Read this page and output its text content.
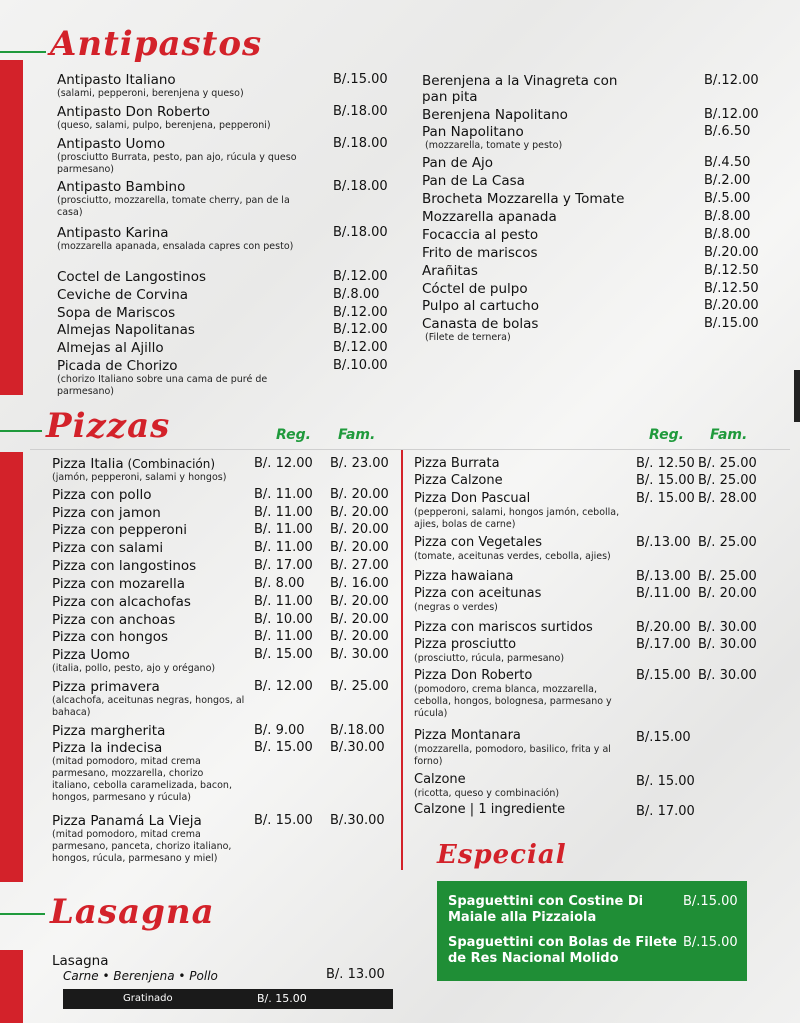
Antipastos
Antipasto Italiano
(salami, pepperoni, berenjena y queso)
B/.15.00
Antipasto Don Roberto
(queso, salami, pulpo, berenjena, pepperoni)
B/.18.00
Antipasto Uomo
(prosciutto Burrata, pesto, pan ajo, rúcula y queso parmesano)
B/.18.00
Antipasto Bambino
(prosciutto, mozzarella, tomate cherry, pan de la casa)
B/.18.00
Antipasto Karina
(mozzarella apanada, ensalada capres con pesto)
B/.18.00
Coctel de Langostinos	B/.12.00
Ceviche de Corvina	B/.8.00
Sopa de Mariscos	B/.12.00
Almejas Napolitanas	B/.12.00
Almejas al Ajillo	B/.12.00
Picada de Chorizo
(chorizo Italiano sobre una cama de puré de parmesano)
B/.10.00
Berenjena a la Vinagreta con pan pita
B/.12.00
Berenjena Napolitano	B/.12.00
Pan Napolitano
(mozzarella, tomate y pesto)
B/.6.50
Pan de Ajo	B/.4.50
Pan de La Casa	B/.2.00
Brocheta Mozzarella y Tomate	B/.5.00
Mozzarella apanada	B/.8.00
Focaccia al pesto	B/.8.00
Frito de mariscos	B/.20.00
Arañitas	B/.12.50
Cóctel de pulpo	B/.12.50
Pulpo al cartucho	B/.20.00
Canasta de bolas
(Filete de ternera)
B/.15.00
Pizzas	Reg. Fam.	Reg. Fam.
Pizza Italia (Combinación)
(jamón, pepperoni, salami y hongos)
B/. 12.00 B/. 23.00
Pizza con pollo	B/. 11.00 B/. 20.00
Pizza con jamon	B/. 11.00 B/. 20.00
Pizza con pepperoni	B/. 11.00 B/. 20.00
Pizza con salami	B/. 11.00 B/. 20.00
Pizza con langostinos	B/. 17.00 B/. 27.00
Pizza con mozarella	B/. 8.00 B/. 16.00
Pizza con alcachofas	B/. 11.00 B/. 20.00
Pizza con anchoas	B/. 10.00 B/. 20.00
Pizza con hongos	B/. 11.00 B/. 20.00
Pizza Uomo
(italia, pollo, pesto, ajo y orégano)
B/. 15.00 B/. 30.00
Pizza primavera
(alcachofa, aceitunas negras, hongos, al bahaca)
B/. 12.00 B/. 25.00
Pizza margherita	B/. 9.00 B/.18.00
Pizza la indecisa
(mitad pomodoro, mitad crema parmesano, mozzarella, chorizo italiano, cebolla caramelizada, bacon, hongos, parmesano y rúcula)
B/. 15.00 B/.30.00
Pizza Panamá La Vieja
(mitad pomodoro, mitad crema parmesano, panceta, chorizo italiano, hongos, rúcula, parmesano y miel)
B/. 15.00 B/.30.00
Pizza Burrata	B/. 12.50 B/. 25.00
Pizza Calzone	B/. 15.00 B/. 25.00
Pizza Don Pascual
(pepperoni, salami, hongos jamón, cebolla, ajies, bolas de carne)
B/. 15.00 B/. 28.00
Pizza con Vegetales
(tomate, aceitunas verdes, cebolla, ajies)
B/.13.00 B/. 25.00
Pizza hawaiana	B/.13.00 B/. 25.00
Pizza con aceitunas
(negras o verdes)
B/.11.00 B/. 20.00
Pizza con mariscos surtidos	B/.20.00 B/. 30.00
Pizza prosciutto
(prosciutto, rúcula, parmesano)
B/.17.00 B/. 30.00
Pizza Don Roberto
(pomodoro, crema blanca, mozzarella, cebolla, hongos, bolognesa, parmesano y rúcula)
B/.15.00 B/. 30.00
Pizza Montanara
(mozzarella, pomodoro, basilico, frita y al forno)
B/.15.00
Calzone
(ricotta, queso y combinación)
B/. 15.00
Calzone | 1 ingrediente	B/. 17.00
Especial
Spaguettini con Costine Di Maiale alla Pizzaiola
B/.15.00
Spaguettini con Bolas de Filete de Res Nacional Molido
B/.15.00
Lasagna
Lasagna
Carne • Berenjena • Pollo	B/. 13.00
Gratinado	B/. 15.00
